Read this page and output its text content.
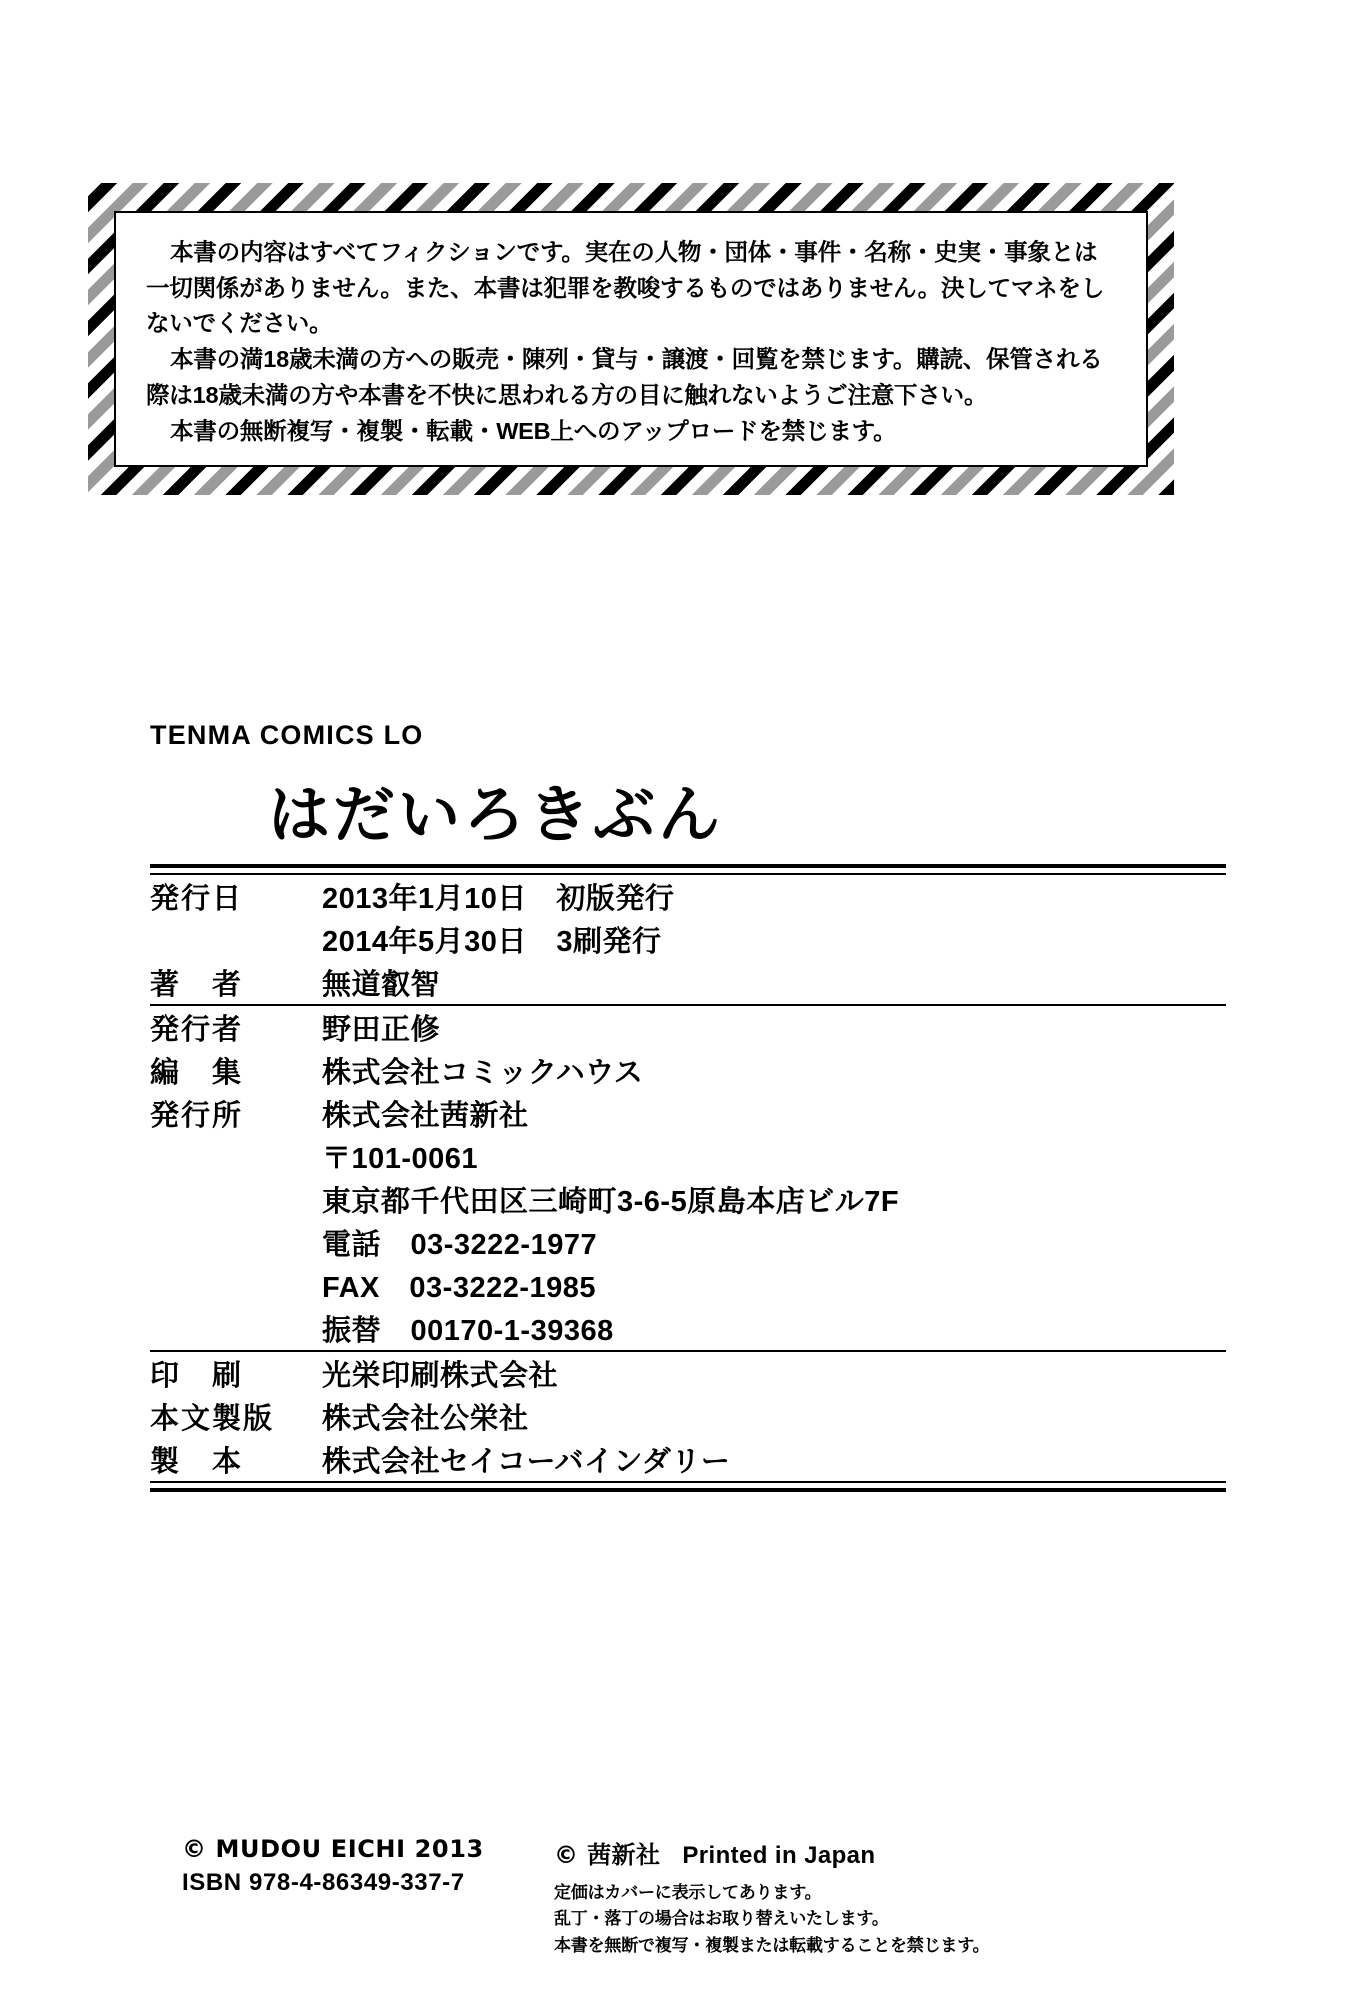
本書の内容はすべてフィクションです。実在の人物・団体・事件・名称・史実・事象とは一切関係がありません。また、本書は犯罪を教唆するものではありません。決してマネをしないでください。

本書の満18歳未満の方への販売・陳列・貸与・譲渡・回覧を禁じます。購読、保管される際は18歳未満の方や本書を不快に思われる方の目に触れないようご注意下さい。

本書の無断複写・複製・転載・WEB上へのアップロードを禁じます。

TENMA COMICS LO
はだいろきぶん
発行日	2013年1月10日　初版発行
	2014年5月30日　3刷発行
著　者	無道叡智
発行者	野田正修
編　集	株式会社コミックハウス
発行所	株式会社茜新社
	〒101-0061
	東京都千代田区三崎町3-6-5原島本店ビル7F
	電話　03-3222-1977
	FAX　03-3222-1985
	振替　00170-1-39368
印　刷	光栄印刷株式会社
本文製版	株式会社公栄社
製　本	株式会社セイコーバインダリー
© MUDOU EICHI 2013
ISBN 978-4-86349-337-7
© 茜新社 Printed in Japan
定価はカバーに表示してあります。
乱丁・落丁の場合はお取り替えいたします。
本書を無断で複写・複製または転載することを禁じます。
